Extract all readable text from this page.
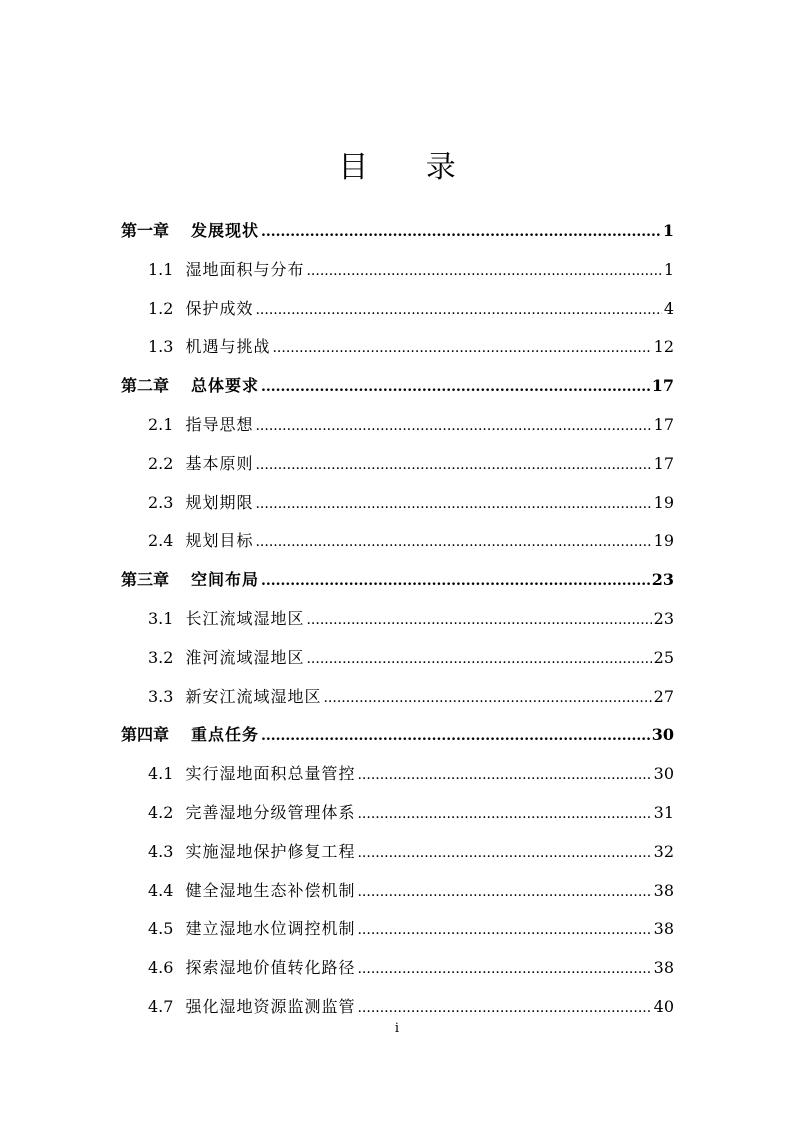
目 录
第一章 发展现状 .....	1
1.1 湿地面积与分布 .....	1
1.2 保护成效 .....	4
1.3 机遇与挑战 .....	12
第二章 总体要求 .....	17
2.1 指导思想 .....	17
2.2 基本原则 .....	17
2.3 规划期限 .....	19
2.4 规划目标 .....	19
第三章 空间布局 .....	23
3.1 长江流域湿地区 .....	23
3.2 淮河流域湿地区 .....	25
3.3 新安江流域湿地区 .....	27
第四章 重点任务 .....	30
4.1 实行湿地面积总量管控 .....	30
4.2 完善湿地分级管理体系 .....	31
4.3 实施湿地保护修复工程 .....	32
4.4 健全湿地生态补偿机制 .....	38
4.5 建立湿地水位调控机制 .....	38
4.6 探索湿地价值转化路径 .....	38
4.7 强化湿地资源监测监管 .....	40
i
